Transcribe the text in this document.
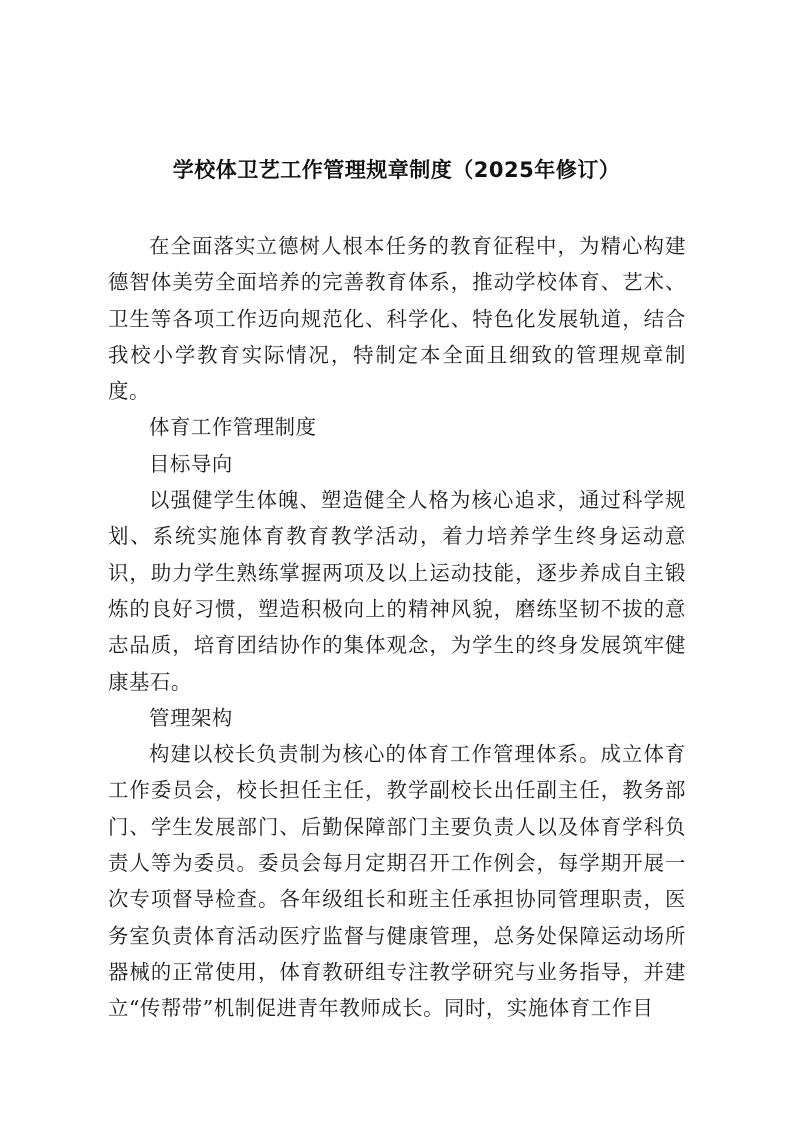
学校体卫艺工作管理规章制度（2025年修订）

在全面落实立德树人根本任务的教育征程中，为精心构建德智体美劳全面培养的完善教育体系，推动学校体育、艺术、卫生等各项工作迈向规范化、科学化、特色化发展轨道，结合我校小学教育实际情况，特制定本全面且细致的管理规章制度。

体育工作管理制度

目标导向

以强健学生体魄、塑造健全人格为核心追求，通过科学规划、系统实施体育教育教学活动，着力培养学生终身运动意识，助力学生熟练掌握两项及以上运动技能，逐步养成自主锻炼的良好习惯，塑造积极向上的精神风貌，磨练坚韧不拔的意志品质，培育团结协作的集体观念，为学生的终身发展筑牢健康基石。

管理架构

构建以校长负责制为核心的体育工作管理体系。成立体育工作委员会，校长担任主任，教学副校长出任副主任，教务部门、学生发展部门、后勤保障部门主要负责人以及体育学科负责人等为委员。委员会每月定期召开工作例会，每学期开展一次专项督导检查。各年级组长和班主任承担协同管理职责，医务室负责体育活动医疗监督与健康管理，总务处保障运动场所器械的正常使用，体育教研组专注教学研究与业务指导，并建立“传帮带”机制促进青年教师成长。同时，实施体育工作目
